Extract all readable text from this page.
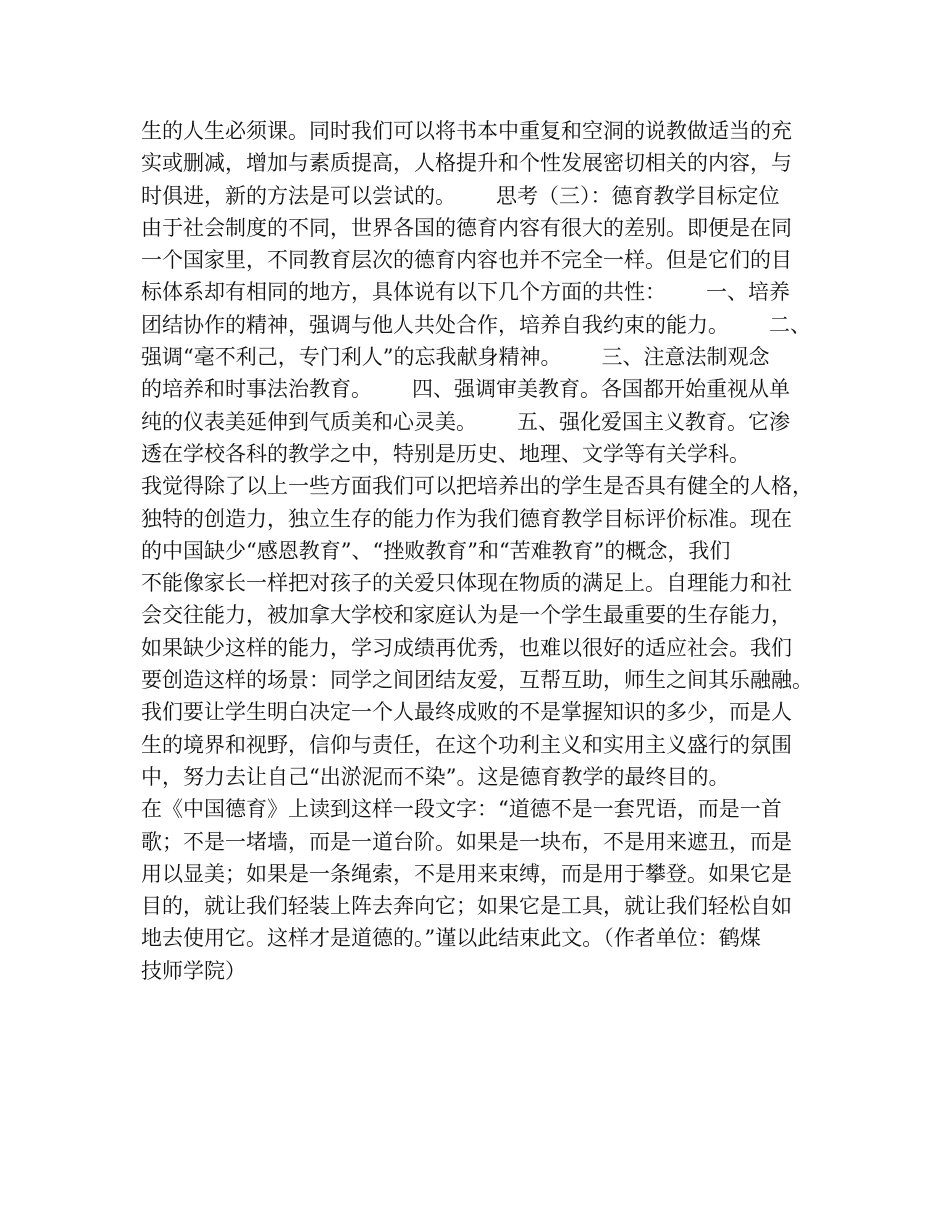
生的人生必须课。同时我们可以将书本中重复和空洞的说教做适当的充
实或删减，增加与素质提高，人格提升和个性发展密切相关的内容，与
时俱进，新的方法是可以尝试的。      思考（三）：德育教学目标定位
由于社会制度的不同，世界各国的德育内容有很大的差别。即便是在同
一个国家里，不同教育层次的德育内容也并不完全一样。但是它们的目
标体系却有相同的地方，具体说有以下几个方面的共性：      一、培养
团结协作的精神，强调与他人共处合作，培养自我约束的能力。      二、
强调“毫不利己，专门利人”的忘我献身精神。      三、注意法制观念
的培养和时事法治教育。      四、强调审美教育。各国都开始重视从单
纯的仪表美延伸到气质美和心灵美。      五、强化爱国主义教育。它渗
透在学校各科的教学之中，特别是历史、地理、文学等有关学科。
我觉得除了以上一些方面我们可以把培养出的学生是否具有健全的人格，
独特的创造力，独立生存的能力作为我们德育教学目标评价标准。现在
的中国缺少“感恩教育”、“挫败教育”和“苦难教育”的概念，我们
不能像家长一样把对孩子的关爱只体现在物质的满足上。自理能力和社
会交往能力，被加拿大学校和家庭认为是一个学生最重要的生存能力，
如果缺少这样的能力，学习成绩再优秀，也难以很好的适应社会。我们
要创造这样的场景：同学之间团结友爱，互帮互助，师生之间其乐融融。
我们要让学生明白决定一个人最终成败的不是掌握知识的多少，而是人
生的境界和视野，信仰与责任，在这个功利主义和实用主义盛行的氛围
中，努力去让自己“出淤泥而不染”。这是德育教学的最终目的。
在《中国德育》上读到这样一段文字：“道德不是一套咒语，而是一首
歌；不是一堵墙，而是一道台阶。如果是一块布，不是用来遮丑，而是
用以显美；如果是一条绳索，不是用来束缚，而是用于攀登。如果它是
目的，就让我们轻装上阵去奔向它；如果它是工具，就让我们轻松自如
地去使用它。这样才是道德的。”谨以此结束此文。（作者单位：鹤煤
技师学院）
